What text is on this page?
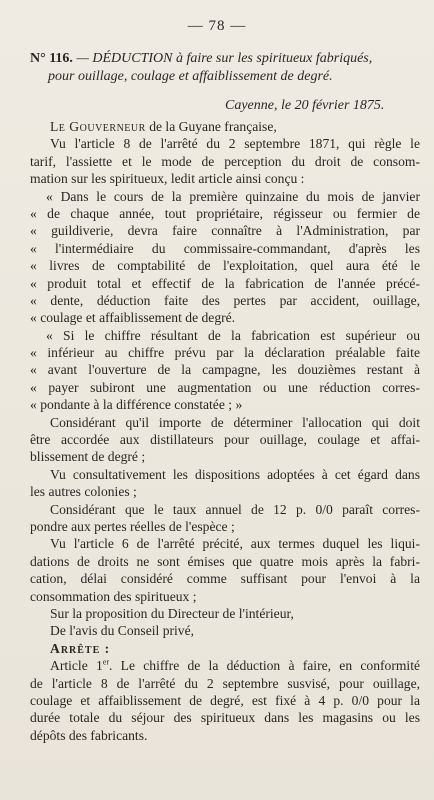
— 78 —
N° 116. — DÉDUCTION à faire sur les spiritueux fabriqués,
pour ouillage, coulage et affaiblissement de degré.
Cayenne, le 20 février 1875.
Le Gouverneur de la Guyane française,
Vu l'article 8 de l'arrêté du 2 septembre 1871, qui règle le
tarif, l'assiette et le mode de perception du droit de consom-
mation sur les spiritueux, ledit article ainsi conçu :
« Dans le cours de la première quinzaine du mois de janvier
« de chaque année, tout propriétaire, régisseur ou fermier de
« guildiverie, devra faire connaître à l'Administration, par
« l'intermédiaire du commissaire-commandant, d'après les
« livres de comptabilité de l'exploitation, quel aura été le
« produit total et effectif de la fabrication de l'année précé-
« dente, déduction faite des pertes par accident, ouillage,
« coulage et affaiblissement de degré.
« Si le chiffre résultant de la fabrication est supérieur ou
« inférieur au chiffre prévu par la déclaration préalable faite
« avant l'ouverture de la campagne, les douzièmes restant à
« payer subiront une augmentation ou une réduction corres-
« pondante à la différence constatée ; »
Considérant qu'il importe de déterminer l'allocation qui doit
être accordée aux distillateurs pour ouillage, coulage et affai-
blissement de degré ;
Vu consultativement les dispositions adoptées à cet égard dans
les autres colonies ;
Considérant que le taux annuel de 12 p. 0/0 paraît corres-
pondre aux pertes réelles de l'espèce ;
Vu l'article 6 de l'arrêté précité, aux termes duquel les liqui-
dations de droits ne sont émises que quatre mois après la fabri-
cation, délai considéré comme suffisant pour l'envoi à la
consommation des spiritueux ;
Sur la proposition du Directeur de l'intérieur,
De l'avis du Conseil privé,
Arrête :
Article 1er. Le chiffre de la déduction à faire, en conformité
de l'article 8 de l'arrêté du 2 septembre susvisé, pour ouillage,
coulage et affaiblissement de degré, est fixé à 4 p. 0/0 pour la
durée totale du séjour des spiritueux dans les magasins ou les
dépôts des fabricants.
